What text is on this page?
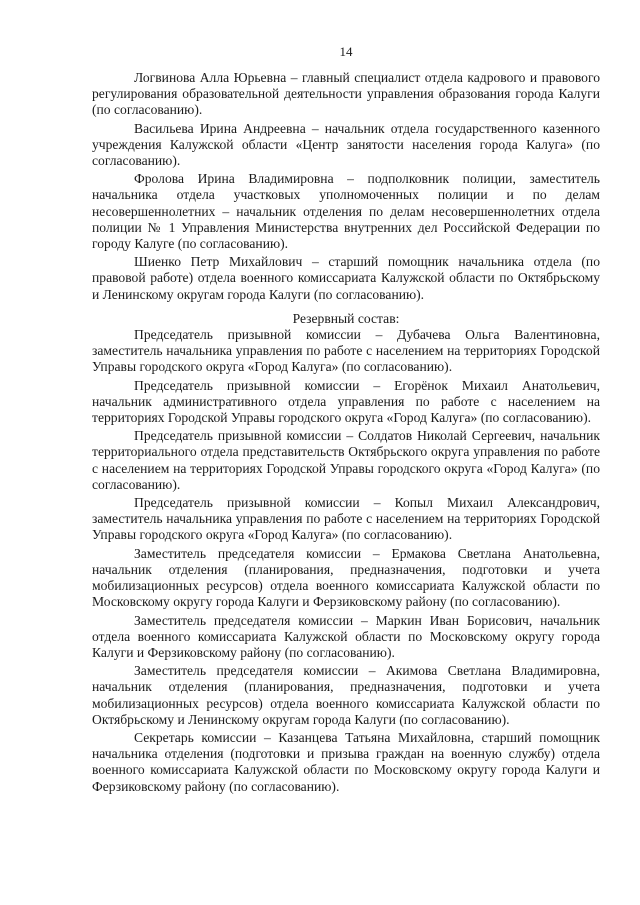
14

Логвинова Алла Юрьевна – главный специалист отдела кадрового и правового регулирования образовательной деятельности управления образования города Калуги (по согласованию).

Васильева Ирина Андреевна – начальник отдела государственного казенного учреждения Калужской области «Центр занятости населения города Калуга» (по согласованию).

Фролова Ирина Владимировна – подполковник полиции, заместитель начальника отдела участковых уполномоченных полиции и по делам несовершеннолетних – начальник отделения по делам несовершеннолетних отдела полиции № 1 Управления Министерства внутренних дел Российской Федерации по городу Калуге (по согласованию).

Шиенко Петр Михайлович – старший помощник начальника отдела (по правовой работе) отдела военного комиссариата Калужской области по Октябрьскому и Ленинскому округам города Калуги (по согласованию).

Резервный состав:

Председатель призывной комиссии – Дубачева Ольга Валентиновна, заместитель начальника управления по работе с населением на территориях Городской Управы городского округа «Город Калуга» (по согласованию).

Председатель призывной комиссии – Егорёнок Михаил Анатольевич, начальник административного отдела управления по работе с населением на территориях Городской Управы городского округа «Город Калуга» (по согласованию).

Председатель призывной комиссии – Солдатов Николай Сергеевич, начальник территориального отдела представительств Октябрьского округа управления по работе с населением на территориях Городской Управы городского округа «Город Калуга» (по согласованию).

Председатель призывной комиссии – Копыл Михаил Александрович, заместитель начальника управления по работе с населением на территориях Городской Управы городского округа «Город Калуга» (по согласованию).

Заместитель председателя комиссии – Ермакова Светлана Анатольевна, начальник отделения (планирования, предназначения, подготовки и учета мобилизационных ресурсов) отдела военного комиссариата Калужской области по Московскому округу города Калуги и Ферзиковскому району (по согласованию).

Заместитель председателя комиссии – Маркин Иван Борисович, начальник отдела военного комиссариата Калужской области по Московскому округу города Калуги и Ферзиковскому району (по согласованию).

Заместитель председателя комиссии – Акимова Светлана Владимировна, начальник отделения (планирования, предназначения, подготовки и учета мобилизационных ресурсов) отдела военного комиссариата Калужской области по Октябрьскому и Ленинскому округам города Калуги (по согласованию).

Секретарь комиссии – Казанцева Татьяна Михайловна, старший помощник начальника отделения (подготовки и призыва граждан на военную службу) отдела военного комиссариата Калужской области по Московскому округу города Калуги и Ферзиковскому району (по согласованию).
